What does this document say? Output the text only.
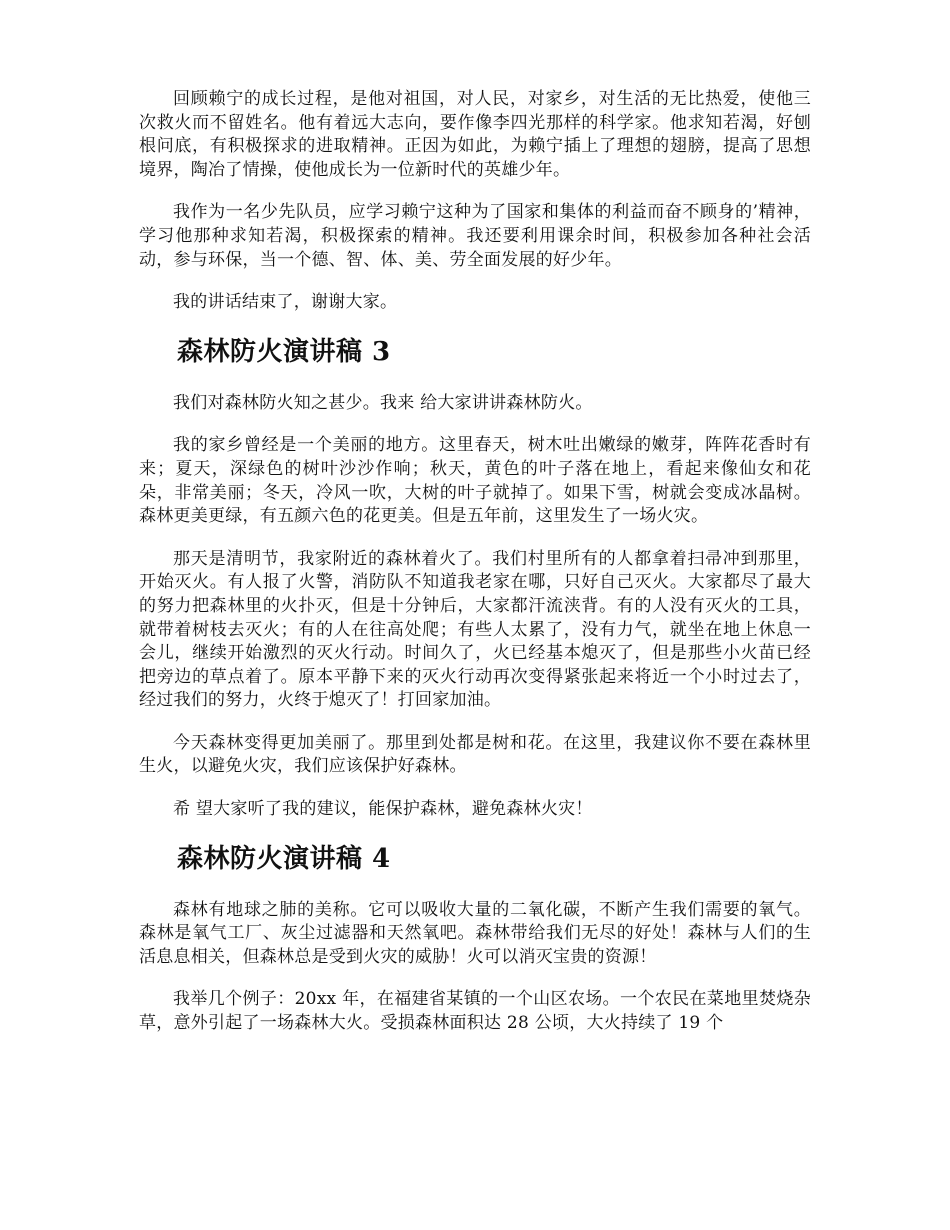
回顾赖宁的成长过程，是他对祖国，对人民，对家乡，对生活的无比热爱，使他三次救火而不留姓名。他有着远大志向，要作像李四光那样的科学家。他求知若渴，好刨根问底，有积极探求的进取精神。正因为如此，为赖宁插上了理想的翅膀，提高了思想境界，陶冶了情操，使他成长为一位新时代的英雄少年。

我作为一名少先队员，应学习赖宁这种为了国家和集体的利益而奋不顾身的’精神，学习他那种求知若渴，积极探索的精神。我还要利用课余时间，积极参加各种社会活动，参与环保，当一个德、智、体、美、劳全面发展的好少年。

我的讲话结束了，谢谢大家。

森林防火演讲稿 3

我们对森林防火知之甚少。我来 给大家讲讲森林防火。

我的家乡曾经是一个美丽的地方。这里春天，树木吐出嫩绿的嫩芽，阵阵花香时有来；夏天，深绿色的树叶沙沙作响；秋天，黄色的叶子落在地上，看起来像仙女和花朵，非常美丽；冬天，冷风一吹，大树的叶子就掉了。如果下雪，树就会变成冰晶树。森林更美更绿，有五颜六色的花更美。但是五年前，这里发生了一场火灾。

那天是清明节，我家附近的森林着火了。我们村里所有的人都拿着扫帚冲到那里，开始灭火。有人报了火警，消防队不知道我老家在哪，只好自己灭火。大家都尽了最大的努力把森林里的火扑灭，但是十分钟后，大家都汗流浃背。有的人没有灭火的工具，就带着树枝去灭火；有的人在往高处爬；有些人太累了，没有力气，就坐在地上休息一会儿，继续开始激烈的灭火行动。时间久了，火已经基本熄灭了，但是那些小火苗已经把旁边的草点着了。原本平静下来的灭火行动再次变得紧张起来将近一个小时过去了，经过我们的努力，火终于熄灭了！打回家加油。

今天森林变得更加美丽了。那里到处都是树和花。在这里，我建议你不要在森林里生火，以避免火灾，我们应该保护好森林。

希 望大家听了我的建议，能保护森林，避免森林火灾！

森林防火演讲稿 4

森林有地球之肺的美称。它可以吸收大量的二氧化碳，不断产生我们需要的氧气。森林是氧气工厂、灰尘过滤器和天然氧吧。森林带给我们无尽的好处！森林与人们的生活息息相关，但森林总是受到火灾的威胁！火可以消灭宝贵的资源！

我举几个例子：20xx 年，在福建省某镇的一个山区农场。一个农民在菜地里焚烧杂草，意外引起了一场森林大火。受损森林面积达 28 公顷，大火持续了 19 个
